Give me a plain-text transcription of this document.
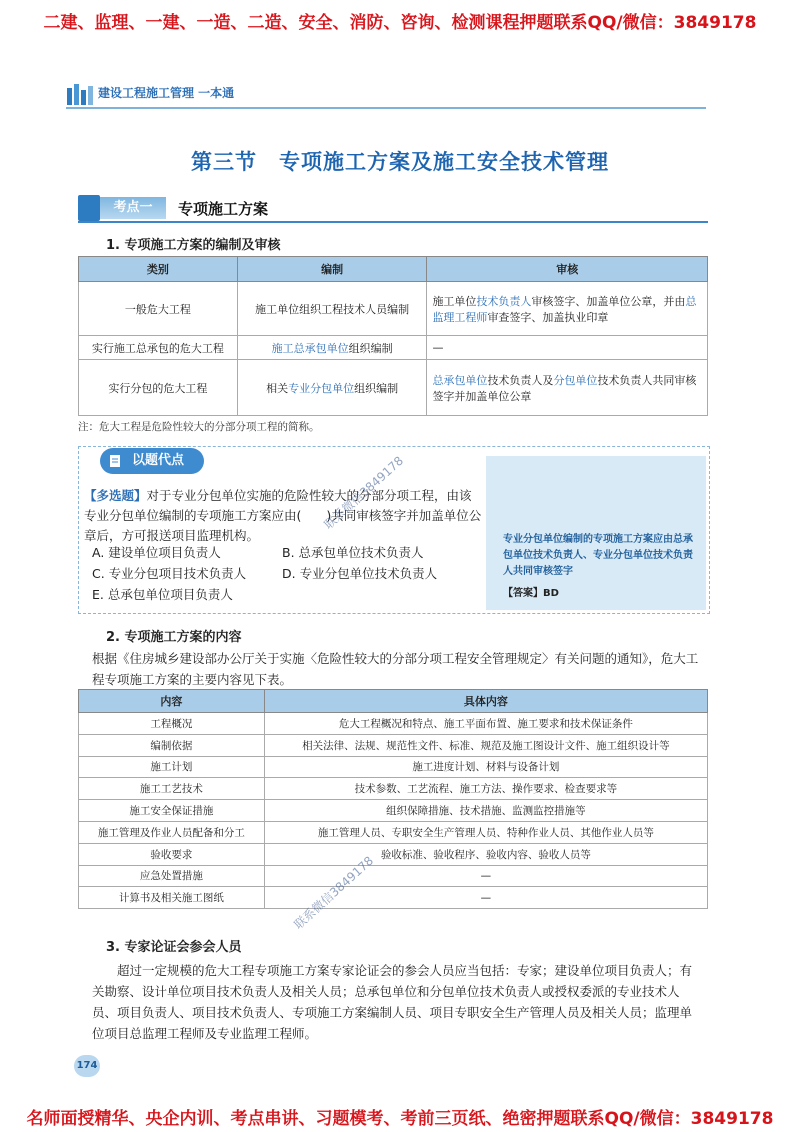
二建、监理、一建、一造、二造、安全、消防、咨询、检测课程押题联系QQ/微信：3849178
建设工程施工管理 一本通
第三节　专项施工方案及施工安全技术管理
考点一	专项施工方案
1. 专项施工方案的编制及审核
类别	编制	审核
一般危大工程	施工单位组织工程技术人员编制	施工单位技术负责人审核签字、加盖单位公章，并由总监理工程师审查签字、加盖执业印章
实行施工总承包的危大工程	施工总承包单位组织编制	—
实行分包的危大工程	相关专业分包单位组织编制	总承包单位技术负责人及分包单位技术负责人共同审核签字并加盖单位公章
注：危大工程是危险性较大的分部分项工程的简称。
专业分包单位编制的专项施工方案应由总承包单位技术负责人、专业分包单位技术负责人共同审核签字
【答案】BD
以题代点
【多选题】对于专业分包单位实施的危险性较大的分部分项工程，由该专业分包单位编制的专项施工方案应由(　　)共同审核签字并加盖单位公章后，方可报送项目监理机构。
A. 建设单位项目负责人	B. 总承包单位技术负责人
C. 专业分包项目技术负责人	D. 专业分包单位技术负责人
E. 总承包单位项目负责人
2. 专项施工方案的内容
根据《住房城乡建设部办公厅关于实施〈危险性较大的分部分项工程安全管理规定〉有关问题的通知》，危大工程专项施工方案的主要内容见下表。
内容	具体内容
工程概况	危大工程概况和特点、施工平面布置、施工要求和技术保证条件
编制依据	相关法律、法规、规范性文件、标准、规范及施工图设计文件、施工组织设计等
施工计划	施工进度计划、材料与设备计划
施工工艺技术	技术参数、工艺流程、施工方法、操作要求、检查要求等
施工安全保证措施	组织保障措施、技术措施、监测监控措施等
施工管理及作业人员配备和分工	施工管理人员、专职安全生产管理人员、特种作业人员、其他作业人员等
验收要求	验收标准、验收程序、验收内容、验收人员等
应急处置措施	—
计算书及相关施工图纸	—
3. 专家论证会参会人员
超过一定规模的危大工程专项施工方案专家论证会的参会人员应当包括：专家；建设单位项目负责人；有关勘察、设计单位项目技术负责人及相关人员；总承包单位和分包单位技术负责人或授权委派的专业技术人员、项目负责人、项目技术负责人、专项施工方案编制人员、项目专职安全生产管理人员及相关人员；监理单位项目总监理工程师及专业监理工程师。
174
联系微信3849178
联系微信3849178
名师面授精华、央企内训、考点串讲、习题模考、考前三页纸、绝密押题联系QQ/微信：3849178
